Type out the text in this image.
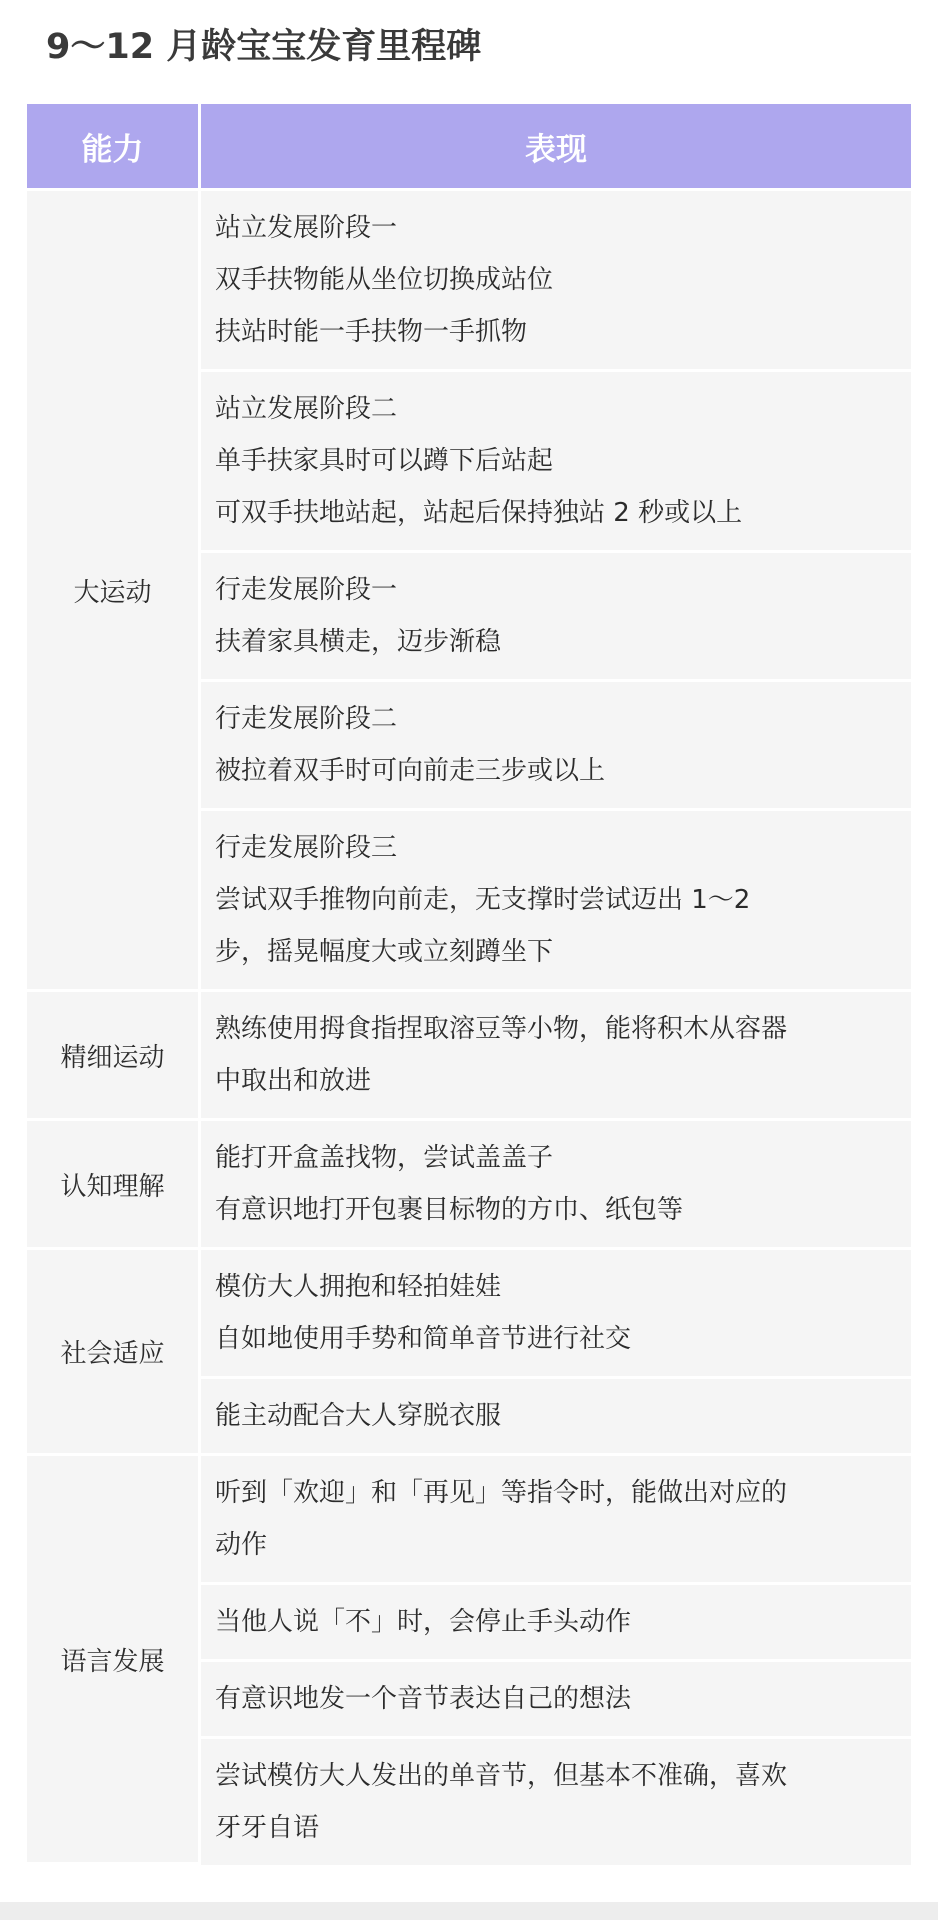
9～12 月龄宝宝发育里程碑
能力	表现
大运动	站立发展阶段一
双手扶物能从坐位切换成站位
扶站时能一手扶物一手抓物

	站立发展阶段二
单手扶家具时可以蹲下后站起
可双手扶地站起，站起后保持独站 2 秒或以上

	行走发展阶段一
扶着家具横走，迈步渐稳

	行走发展阶段二
被拉着双手时可向前走三步或以上

	行走发展阶段三
尝试双手推物向前走，无支撑时尝试迈出 1～2
步，摇晃幅度大或立刻蹲坐下

精细运动	熟练使用拇食指捏取溶豆等小物，能将积木从容器
中取出和放进

认知理解	能打开盒盖找物，尝试盖盖子
有意识地打开包裹目标物的方巾、纸包等

社会适应	模仿大人拥抱和轻拍娃娃
自如地使用手势和简单音节进行社交

	能主动配合大人穿脱衣服

语言发展	听到「欢迎」和「再见」等指令时，能做出对应的
动作

	当他人说「不」时，会停止手头动作

	有意识地发一个音节表达自己的想法

	尝试模仿大人发出的单音节，但基本不准确，喜欢
牙牙自语
